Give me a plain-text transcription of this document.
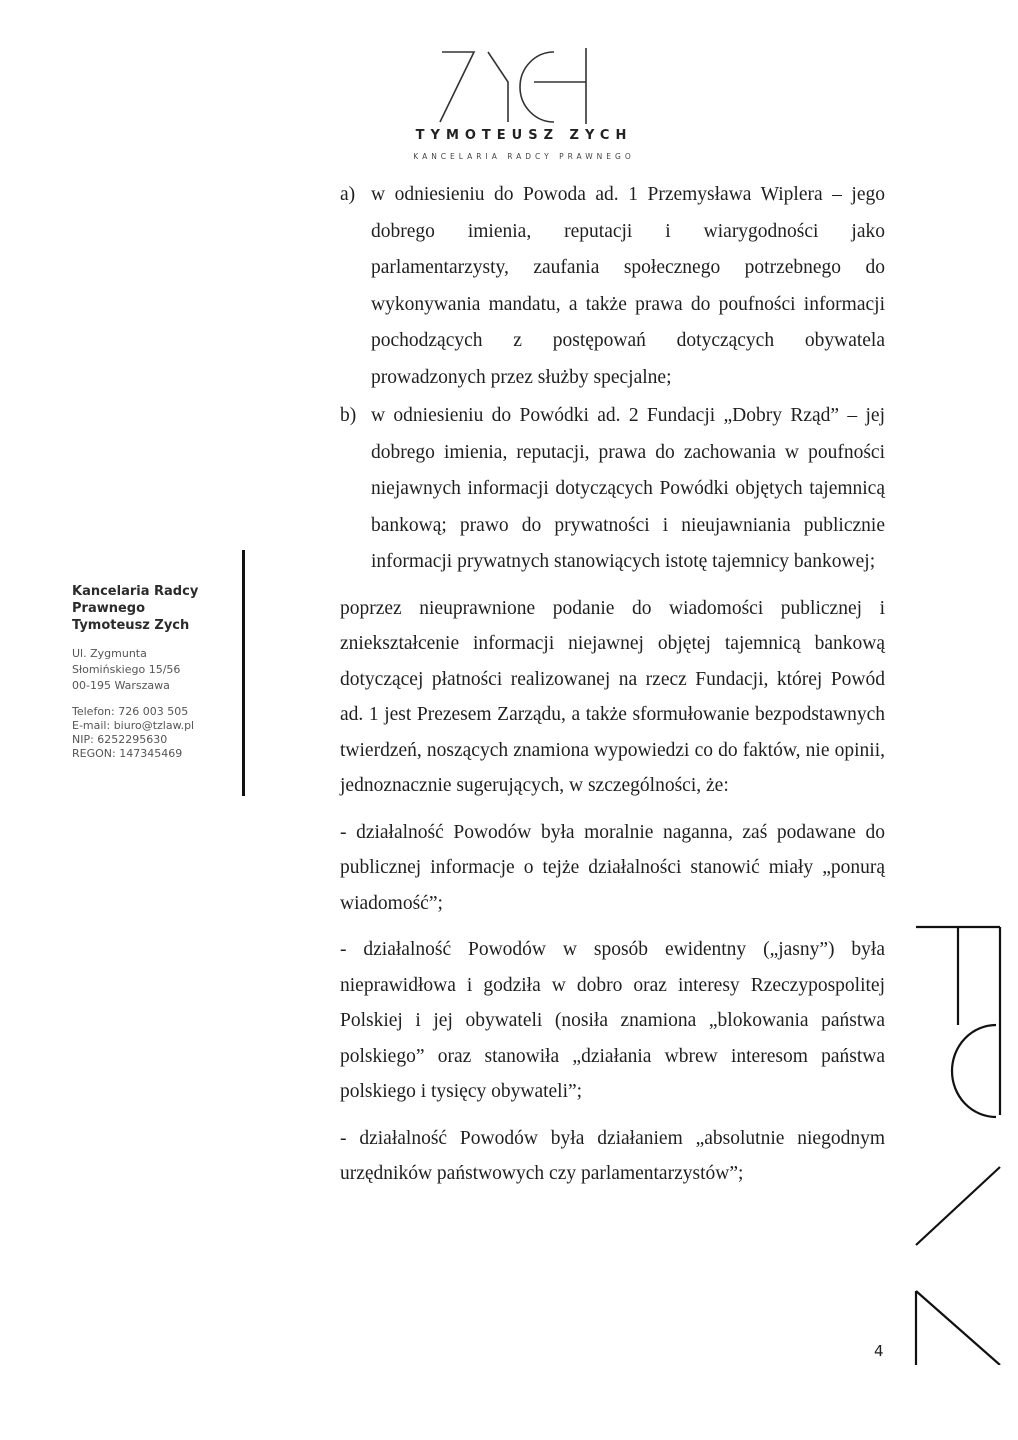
TYMOTEUSZ ZYCH
KANCELARIA RADCY PRAWNEGO
Kancelaria Radcy
Prawnego
Tymoteusz Zych
Ul. Zygmunta
Słomińskiego 15/56
00-195 Warszawa
Telefon: 726 003 505
E-mail: biuro@tzlaw.pl
NIP: 6252295630
REGON: 147345469
a) w odniesieniu do Powoda ad. 1 Przemysława Wiplera – jego dobrego imienia, reputacji i wiarygodności jako parlamentarzysty, zaufania społecznego potrzebnego do wykonywania mandatu, a także prawa do poufności informacji pochodzących z postępowań dotyczących obywatela prowadzonych przez służby specjalne;

b) w odniesieniu do Powódki ad. 2 Fundacji „Dobry Rząd” – jej dobrego imienia, reputacji, prawa do zachowania w poufności niejawnych informacji dotyczących Powódki objętych tajemnicą bankową; prawo do prywatności i nieujawniania publicznie informacji prywatnych stanowiących istotę tajemnicy bankowej;

poprzez nieuprawnione podanie do wiadomości publicznej i zniekształcenie informacji niejawnej objętej tajemnicą bankową dotyczącej płatności realizowanej na rzecz Fundacji, której Powód ad. 1 jest Prezesem Zarządu, a także sformułowanie bezpodstawnych twierdzeń, noszących znamiona wypowiedzi co do faktów, nie opinii, jednoznacznie sugerujących, w szczególności, że:

- działalność Powodów była moralnie naganna, zaś podawane do publicznej informacje o tejże działalności stanowić miały „ponurą wiadomość”;

- działalność Powodów w sposób ewidentny („jasny”) była nieprawidłowa i godziła w dobro oraz interesy Rzeczypospolitej Polskiej i jej obywateli (nosiła znamiona „blokowania państwa polskiego” oraz stanowiła „działania wbrew interesom państwa polskiego i tysięcy obywateli”;

- działalność Powodów była działaniem „absolutnie niegodnym urzędników państwowych czy parlamentarzystów”;

4
